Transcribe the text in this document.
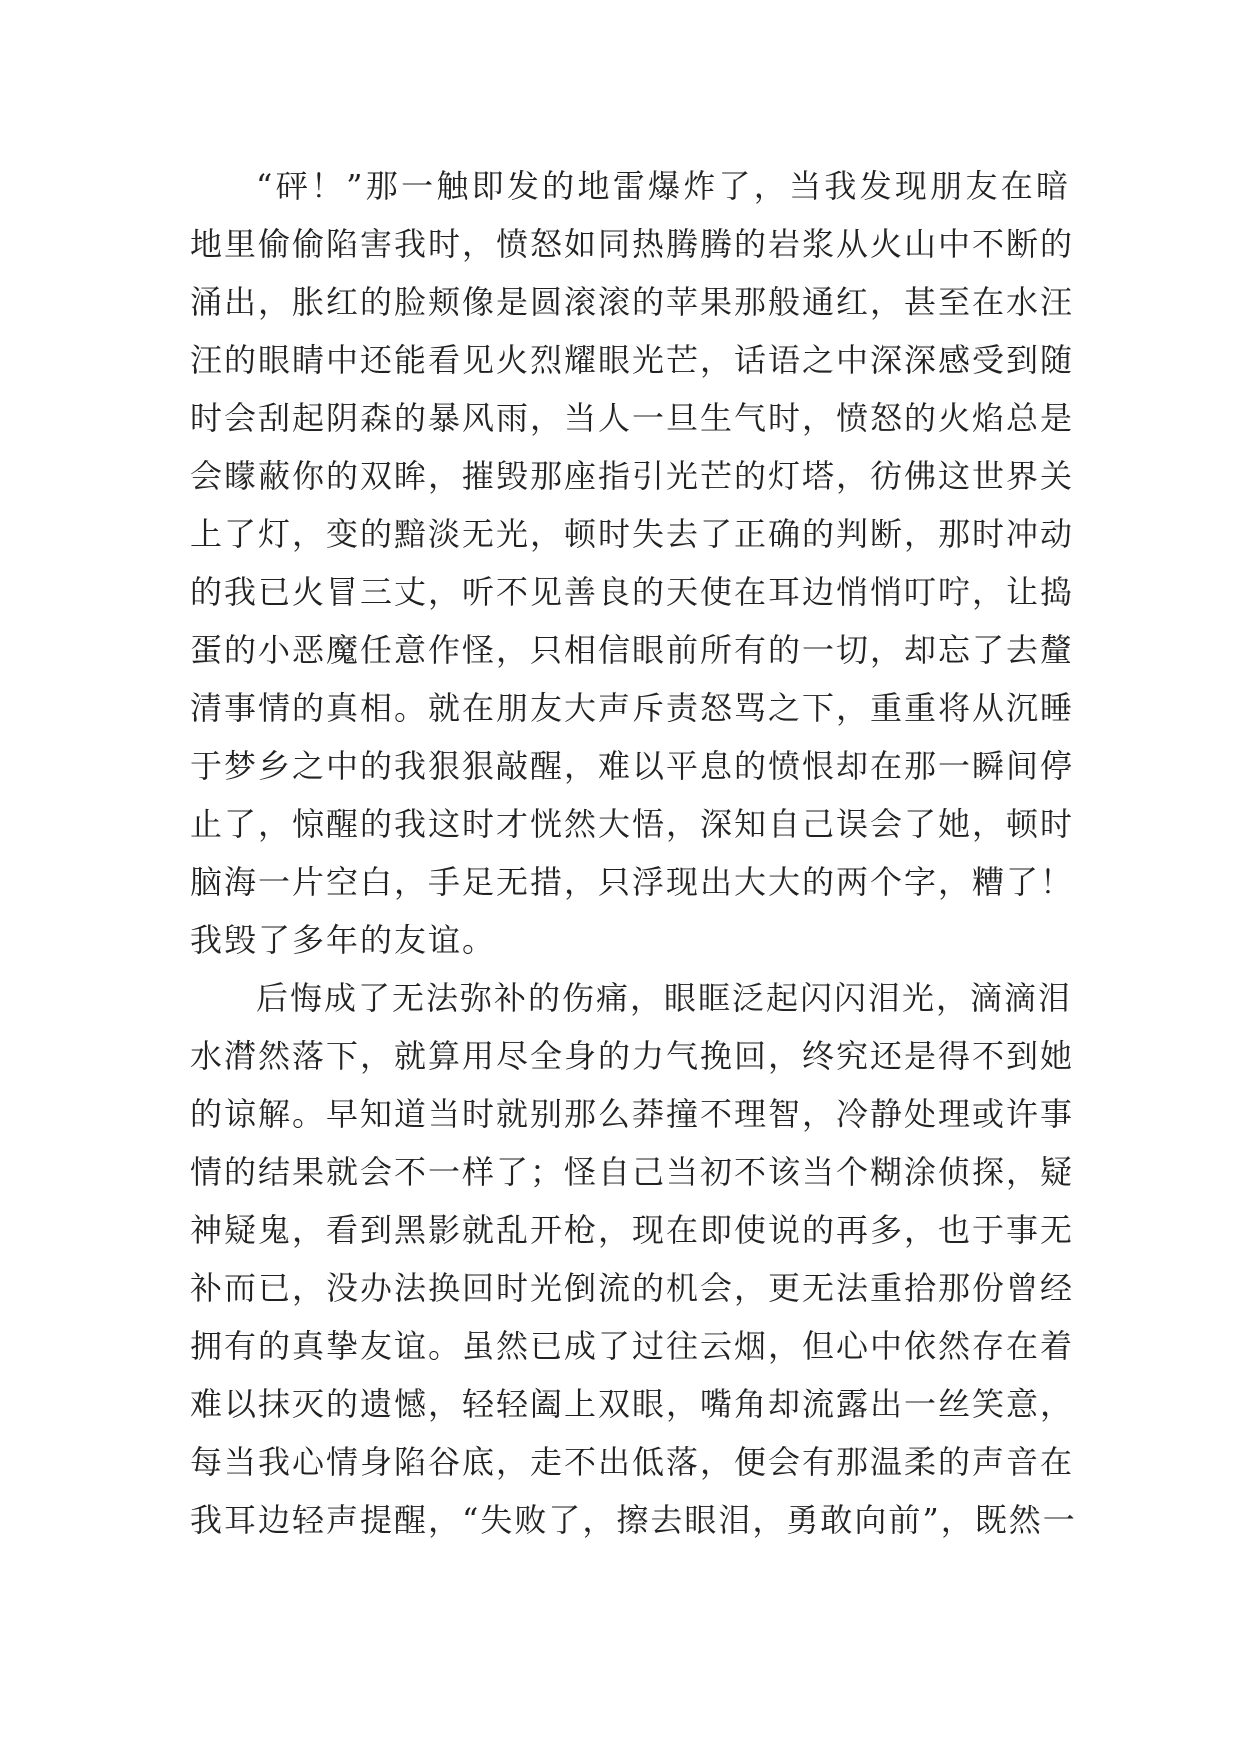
“砰！”那一触即发的地雷爆炸了，当我发现朋友在暗
地里偷偷陷害我时，愤怒如同热腾腾的岩浆从火山中不断的
涌出，胀红的脸颊像是圆滚滚的苹果那般通红，甚至在水汪
汪的眼睛中还能看见火烈耀眼光芒，话语之中深深感受到随
时会刮起阴森的暴风雨，当人一旦生气时，愤怒的火焰总是
会矇蔽你的双眸，摧毁那座指引光芒的灯塔，彷佛这世界关
上了灯，变的黯淡无光，顿时失去了正确的判断，那时冲动
的我已火冒三丈，听不见善良的天使在耳边悄悄叮咛，让捣
蛋的小恶魔任意作怪，只相信眼前所有的一切，却忘了去釐
清事情的真相。就在朋友大声斥责怒骂之下，重重将从沉睡
于梦乡之中的我狠狠敲醒，难以平息的愤恨却在那一瞬间停
止了，惊醒的我这时才恍然大悟，深知自己误会了她，顿时
脑海一片空白，手足无措，只浮现出大大的两个字，糟了！
我毁了多年的友谊。
后悔成了无法弥补的伤痛，眼眶泛起闪闪泪光，滴滴泪
水潸然落下，就算用尽全身的力气挽回，终究还是得不到她
的谅解。早知道当时就别那么莽撞不理智，冷静处理或许事
情的结果就会不一样了；怪自己当初不该当个糊涂侦探，疑
神疑鬼，看到黑影就乱开枪，现在即使说的再多，也于事无
补而已，没办法换回时光倒流的机会，更无法重拾那份曾经
拥有的真挚友谊。虽然已成了过往云烟，但心中依然存在着
难以抹灭的遗憾，轻轻阖上双眼，嘴角却流露出一丝笑意，
每当我心情身陷谷底，走不出低落，便会有那温柔的声音在
我耳边轻声提醒，“失败了，擦去眼泪，勇敢向前”，既然一
